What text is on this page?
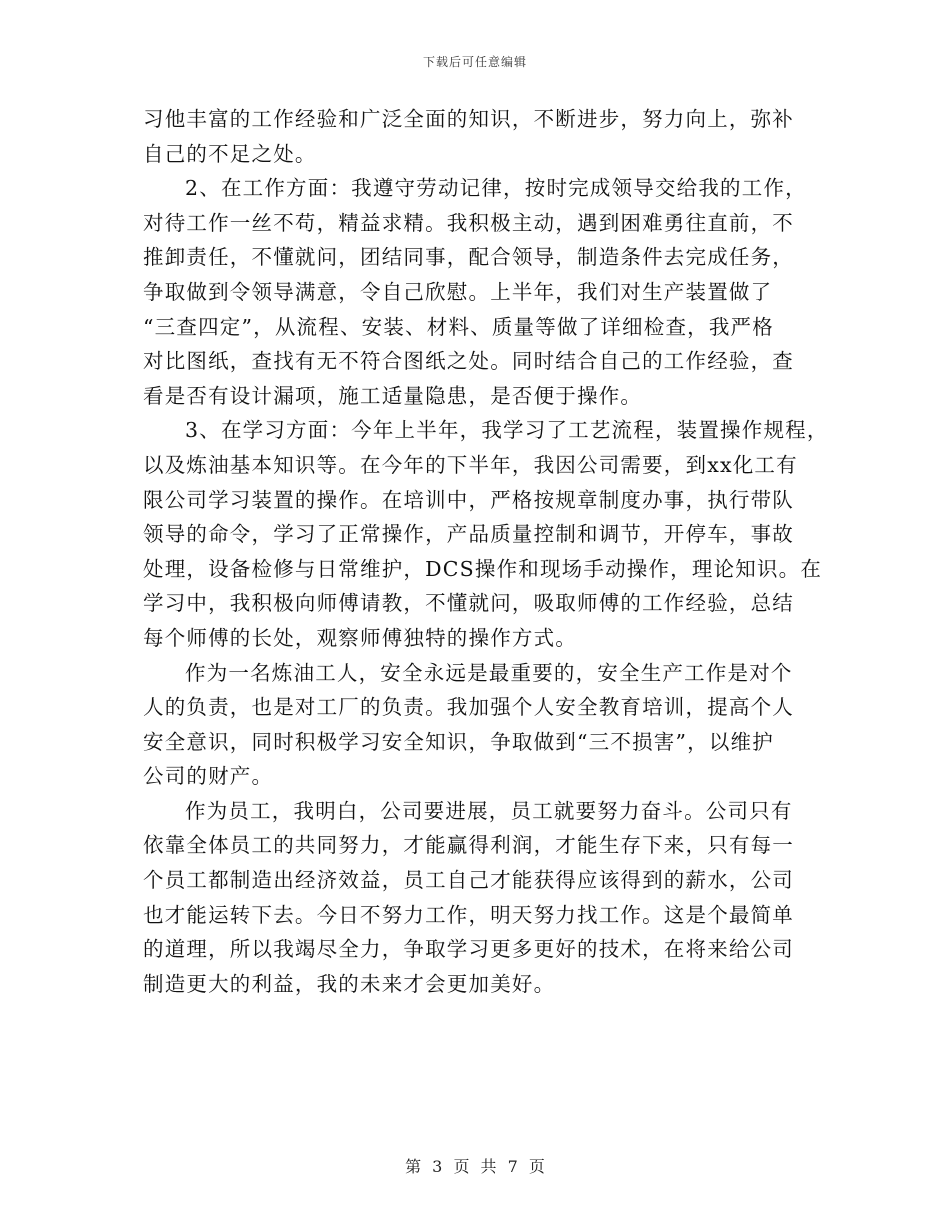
下载后可任意编辑
习他丰富的工作经验和广泛全面的知识，不断进步，努力向上，弥补
自己的不足之处。
2、在工作方面：我遵守劳动记律，按时完成领导交给我的工作，
对待工作一丝不苟，精益求精。我积极主动，遇到困难勇往直前，不
推卸责任，不懂就问，团结同事，配合领导，制造条件去完成任务，
争取做到令领导满意，令自己欣慰。上半年，我们对生产装置做了
“三查四定”，从流程、安装、材料、质量等做了详细检查，我严格
对比图纸，查找有无不符合图纸之处。同时结合自己的工作经验，查
看是否有设计漏项，施工适量隐患，是否便于操作。
3、在学习方面：今年上半年，我学习了工艺流程，装置操作规程，
以及炼油基本知识等。在今年的下半年，我因公司需要，到xx化工有
限公司学习装置的操作。在培训中，严格按规章制度办事，执行带队
领导的命令，学习了正常操作，产品质量控制和调节，开停车，事故
处理，设备检修与日常维护，DCS操作和现场手动操作，理论知识。在
学习中，我积极向师傅请教，不懂就问，吸取师傅的工作经验，总结
每个师傅的长处，观察师傅独特的操作方式。
作为一名炼油工人，安全永远是最重要的，安全生产工作是对个
人的负责，也是对工厂的负责。我加强个人安全教育培训，提高个人
安全意识，同时积极学习安全知识，争取做到“三不损害”，以维护
公司的财产。
作为员工，我明白，公司要进展，员工就要努力奋斗。公司只有
依靠全体员工的共同努力，才能赢得利润，才能生存下来，只有每一
个员工都制造出经济效益，员工自己才能获得应该得到的薪水，公司
也才能运转下去。今日不努力工作，明天努力找工作。这是个最简单
的道理，所以我竭尽全力，争取学习更多更好的技术，在将来给公司
制造更大的利益，我的未来才会更加美好。
第 3 页 共 7 页
